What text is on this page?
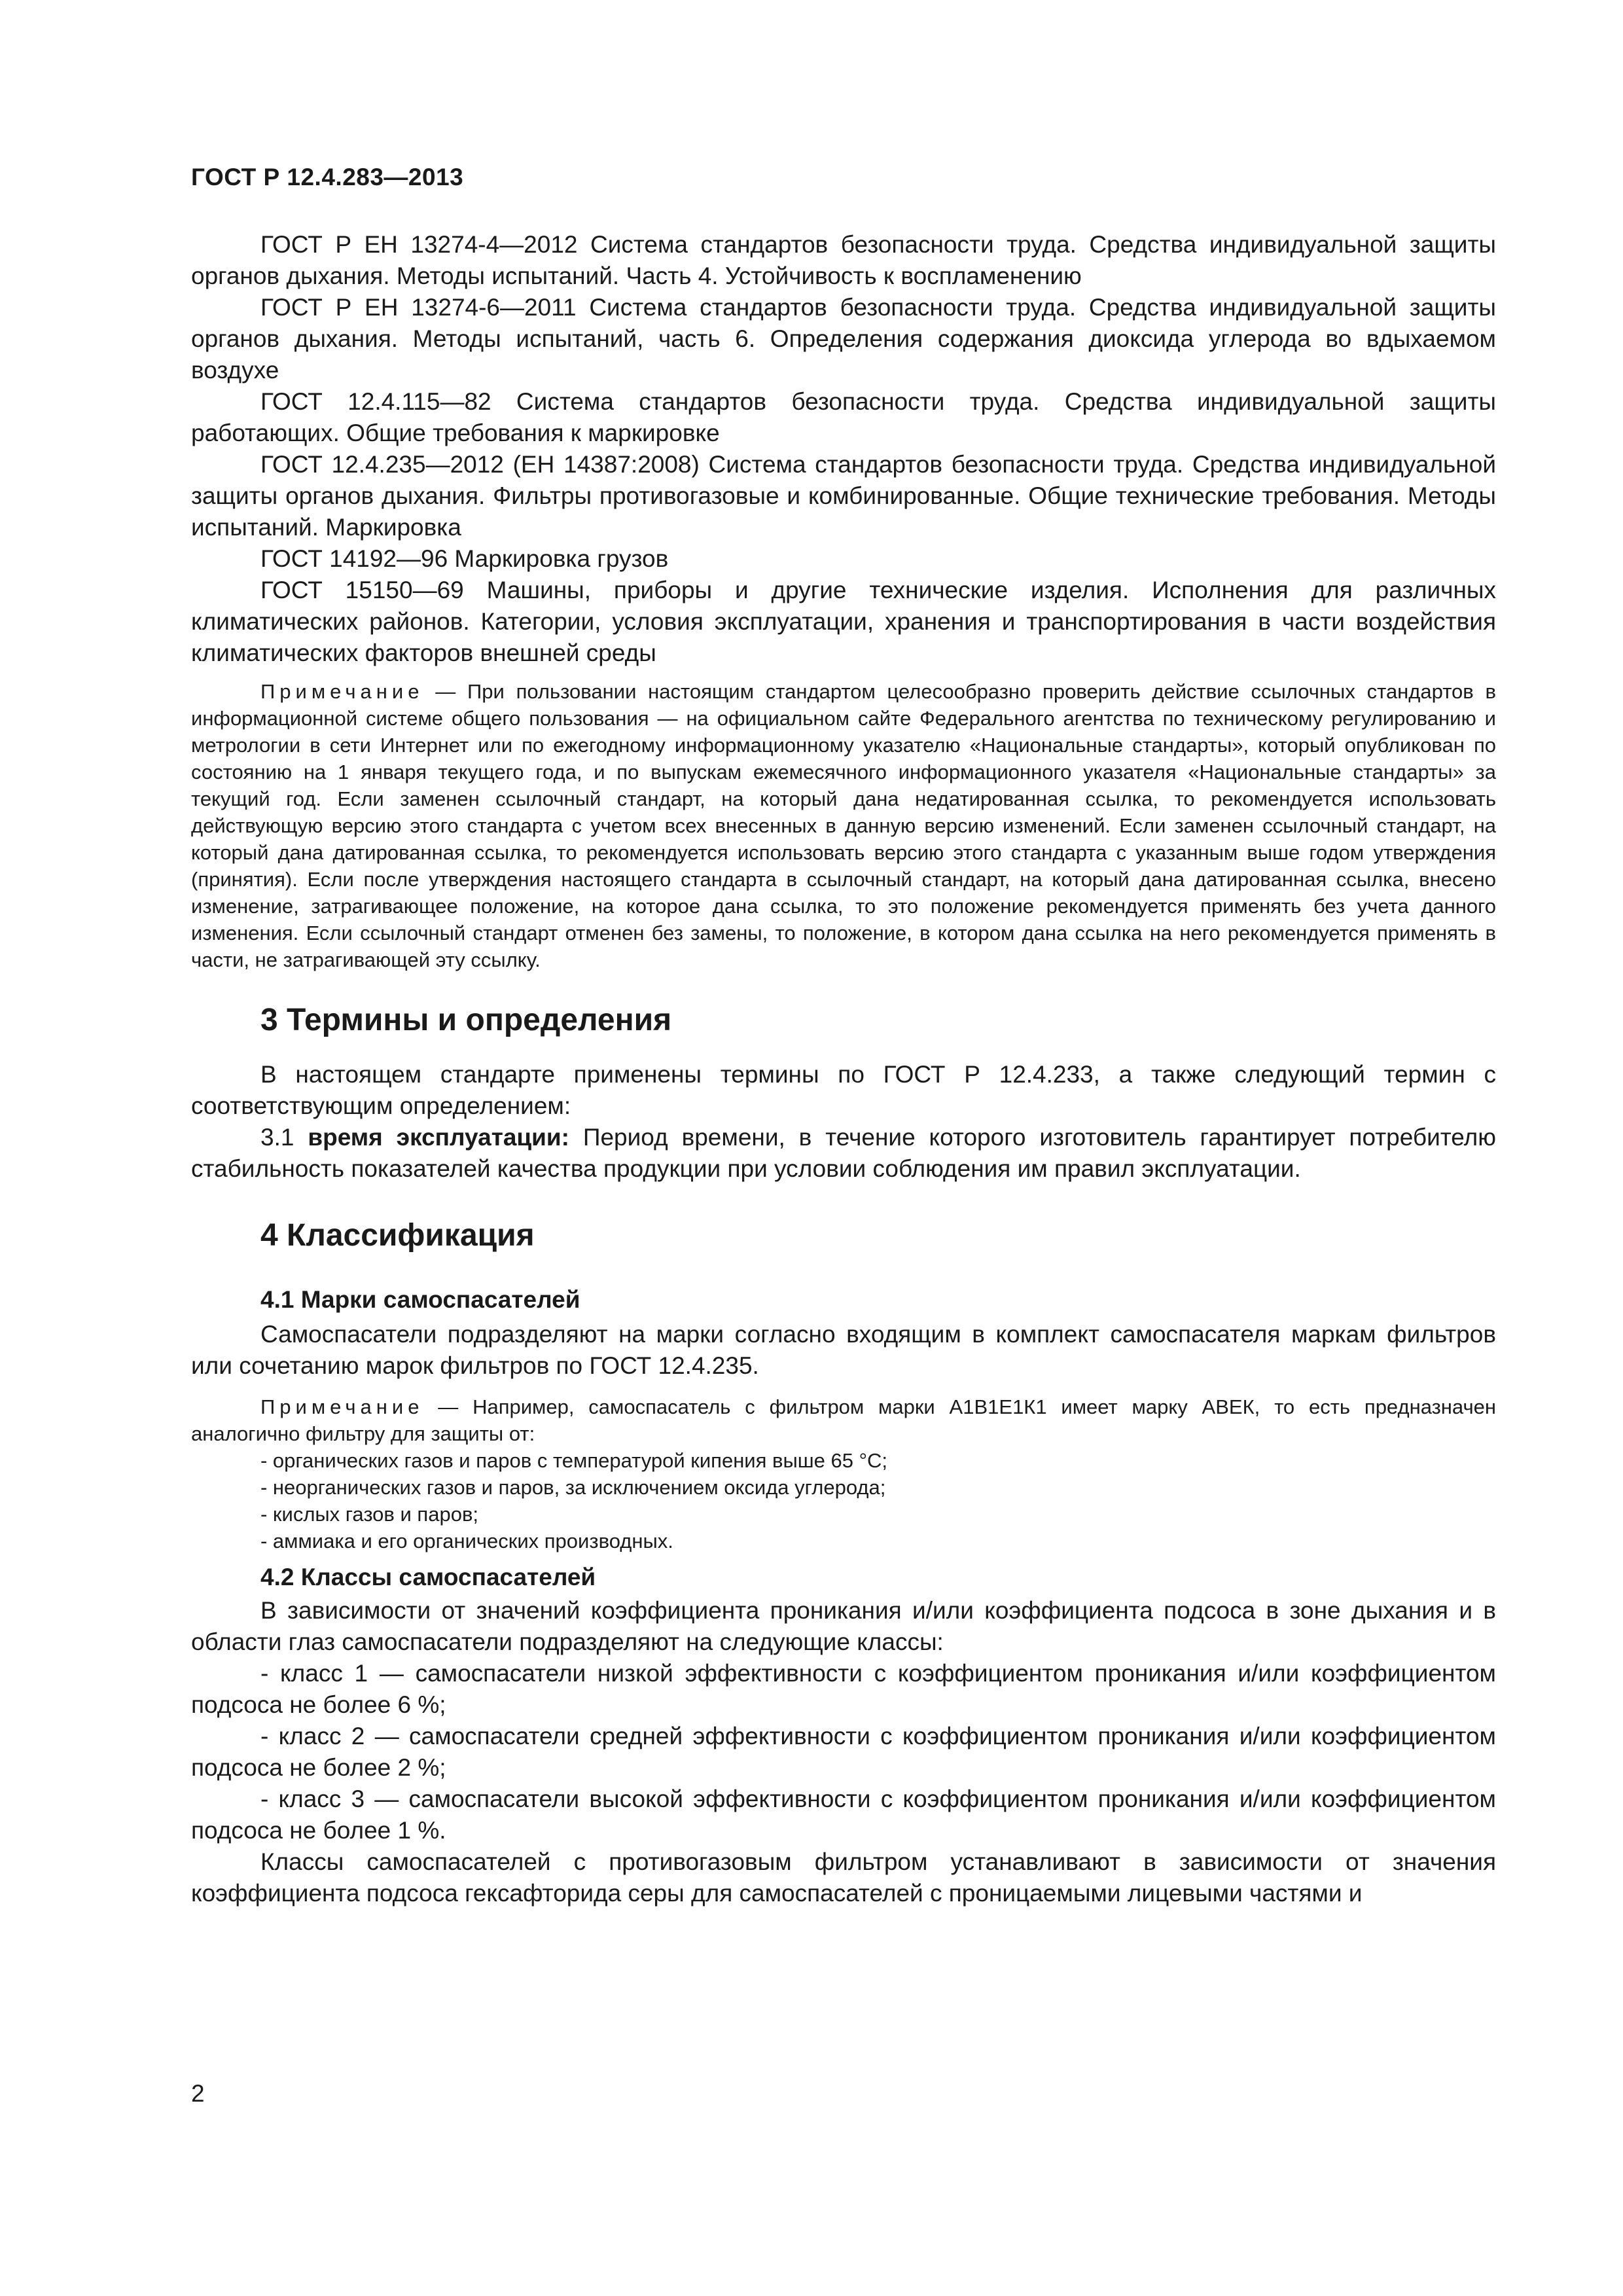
ГОСТ Р 12.4.283—2013

ГОСТ Р ЕН 13274-4—2012 Система стандартов безопасности труда. Средства индивидуальной защиты органов дыхания. Методы испытаний. Часть 4. Устойчивость к воспламенению

ГОСТ Р ЕН 13274-6—2011 Система стандартов безопасности труда. Средства индивидуальной защиты органов дыхания. Методы испытаний, часть 6. Определения содержания диоксида углерода во вдыхаемом воздухе

ГОСТ 12.4.115—82 Система стандартов безопасности труда. Средства индивидуальной защиты работающих. Общие требования к маркировке

ГОСТ 12.4.235—2012 (ЕН 14387:2008) Система стандартов безопасности труда. Средства индивидуальной защиты органов дыхания. Фильтры противогазовые и комбинированные. Общие технические требования. Методы испытаний. Маркировка

ГОСТ 14192—96 Маркировка грузов

ГОСТ 15150—69 Машины, приборы и другие технические изделия. Исполнения для различных климатических районов. Категории, условия эксплуатации, хранения и транспортирования в части воздействия климатических факторов внешней среды

Примечание — При пользовании настоящим стандартом целесообразно проверить действие ссылочных стандартов в информационной системе общего пользования — на официальном сайте Федерального агентства по техническому регулированию и метрологии в сети Интернет или по ежегодному информационному указателю «Национальные стандарты», который опубликован по состоянию на 1 января текущего года, и по выпускам ежемесячного информационного указателя «Национальные стандарты» за текущий год. Если заменен ссылочный стандарт, на который дана недатированная ссылка, то рекомендуется использовать действующую версию этого стандарта с учетом всех внесенных в данную версию изменений. Если заменен ссылочный стандарт, на который дана датированная ссылка, то рекомендуется использовать версию этого стандарта с указанным выше годом утверждения (принятия). Если после утверждения настоящего стандарта в ссылочный стандарт, на который дана датированная ссылка, внесено изменение, затрагивающее положение, на которое дана ссылка, то это положение рекомендуется применять без учета данного изменения. Если ссылочный стандарт отменен без замены, то положение, в котором дана ссылка на него рекомендуется применять в части, не затрагивающей эту ссылку.

3 Термины и определения

В настоящем стандарте применены термины по ГОСТ Р 12.4.233, а также следующий термин с соответствующим определением:

3.1 время эксплуатации: Период времени, в течение которого изготовитель гарантирует потребителю стабильность показателей качества продукции при условии соблюдения им правил эксплуатации.

4 Классификация
4.1 Марки самоспасателей

Самоспасатели подразделяют на марки согласно входящим в комплект самоспасателя маркам фильтров или сочетанию марок фильтров по ГОСТ 12.4.235.

Примечание — Например, самоспасатель с фильтром марки А1В1Е1К1 имеет марку АВЕК, то есть предназначен аналогично фильтру для защиты от:

- органических газов и паров с температурой кипения выше 65 °С;

- неорганических газов и паров, за исключением оксида углерода;

- кислых газов и паров;

- аммиака и его органических производных.

4.2 Классы самоспасателей

В зависимости от значений коэффициента проникания и/или коэффициента подсоса в зоне дыхания и в области глаз самоспасатели подразделяют на следующие классы:

- класс 1 — самоспасатели низкой эффективности с коэффициентом проникания и/или коэффициентом подсоса не более 6 %;

- класс 2 — самоспасатели средней эффективности с коэффициентом проникания и/или коэффициентом подсоса не более 2 %;

- класс 3 — самоспасатели высокой эффективности с коэффициентом проникания и/или коэффициентом подсоса не более 1 %.

Классы самоспасателей с противогазовым фильтром устанавливают в зависимости от значения коэффициента подсоса гексафторида серы для самоспасателей с проницаемыми лицевыми частями и

2
